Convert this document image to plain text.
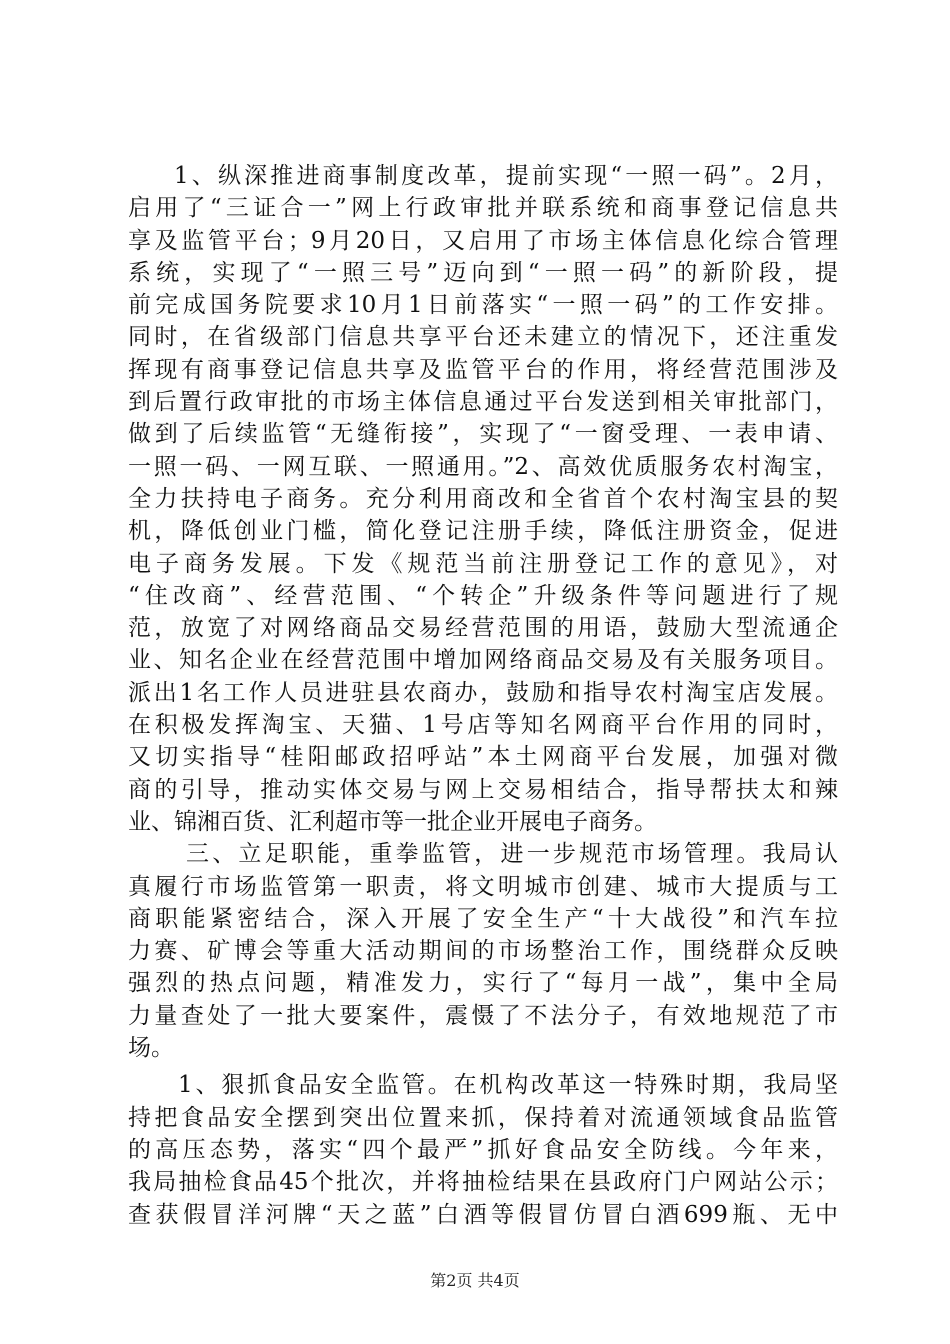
1、纵深推进商事制度改革，提前实现“一照一码”。2月，
启用了“三证合一”网上行政审批并联系统和商事登记信息共
享及监管平台；9月20日，又启用了市场主体信息化综合管理
系统，实现了“一照三号”迈向到“一照一码”的新阶段，提
前完成国务院要求10月1日前落实“一照一码”的工作安排。
同时，在省级部门信息共享平台还未建立的情况下，还注重发
挥现有商事登记信息共享及监管平台的作用，将经营范围涉及
到后置行政审批的市场主体信息通过平台发送到相关审批部门，
做到了后续监管“无缝衔接”，实现了“一窗受理、一表申请、
一照一码、一网互联、一照通用。”2、高效优质服务农村淘宝，
全力扶持电子商务。充分利用商改和全省首个农村淘宝县的契
机，降低创业门槛，简化登记注册手续，降低注册资金，促进
电子商务发展。下发《规范当前注册登记工作的意见》，对
“住改商”、经营范围、“个转企”升级条件等问题进行了规
范，放宽了对网络商品交易经营范围的用语，鼓励大型流通企
业、知名企业在经营范围中增加网络商品交易及有关服务项目。
派出1名工作人员进驻县农商办，鼓励和指导农村淘宝店发展。
在积极发挥淘宝、天猫、1号店等知名网商平台作用的同时，
又切实指导“桂阳邮政招呼站”本土网商平台发展，加强对微
商的引导，推动实体交易与网上交易相结合，指导帮扶太和辣
业、锦湘百货、汇利超市等一批企业开展电子商务。
三、立足职能，重拳监管，进一步规范市场管理。我局认
真履行市场监管第一职责，将文明城市创建、城市大提质与工
商职能紧密结合，深入开展了安全生产“十大战役”和汽车拉
力赛、矿博会等重大活动期间的市场整治工作，围绕群众反映
强烈的热点问题，精准发力，实行了“每月一战”，集中全局
力量查处了一批大要案件，震慑了不法分子，有效地规范了市
场。
1、狠抓食品安全监管。在机构改革这一特殊时期，我局坚
持把食品安全摆到突出位置来抓，保持着对流通领域食品监管
的高压态势，落实“四个最严”抓好食品安全防线。今年来，
我局抽检食品45个批次，并将抽检结果在县政府门户网站公示；
查获假冒洋河牌“天之蓝”白酒等假冒仿冒白酒699瓶、无中
第2页 共4页
